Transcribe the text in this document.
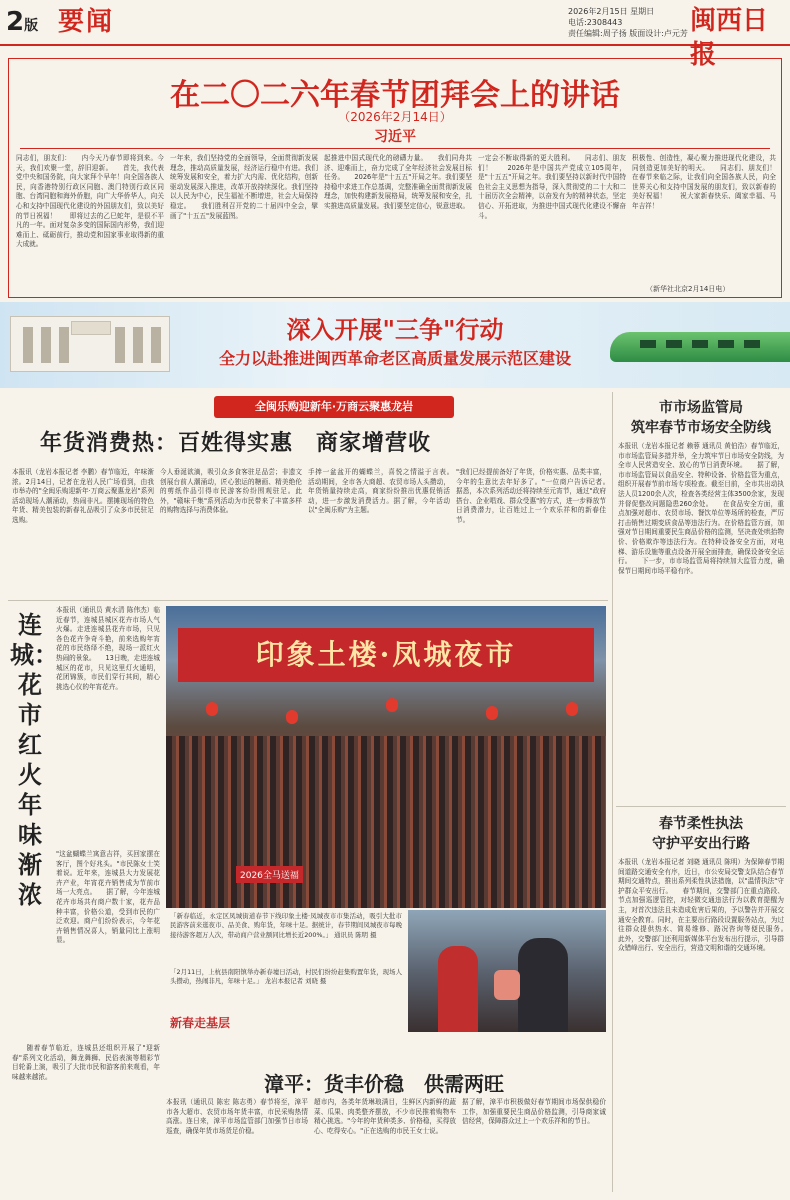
2版 要闻	2026年2月15日 星期日
电话:2308443
责任编辑:周子扬 版面设计:卢元芳 闽西日报
在二〇二六年春节团拜会上的讲话
（2026年2月14日）
习近平
同志们，朋友们：　　内今天乃春节即将到来。今天，我们欢聚一堂，辞旧迎新。　　首先，我代表党中央和国务院，向大家拜个早年！向全国各族人民，向香港特别行政区同胞、澳门特别行政区同胞、台湾同胞和海外侨胞，向广大华侨华人，向关心和支持中国现代化建设的外国朋友们，致以美好的节日祝福！　　即将过去的乙巳蛇年，是很不平凡的一年。面对复杂多变的国际国内形势，我们迎难而上、砥砺前行，推动党和国家事业取得新的重大成就。
一年来，我们坚持党的全面领导，全面贯彻新发展理念，推动高质量发展，经济运行稳中有进。我们统筹发展和安全，着力扩大内需、优化结构，创新驱动发展深入推进，改革开放持续深化。我们坚持以人民为中心，民生福祉不断增进，社会大局保持稳定。　　我们胜利召开党的二十届四中全会，擘画了"十五五"发展蓝图。
起推进中国式现代化的磅礴力量。　　我们同舟共济、迎难而上，奋力完成了全年经济社会发展目标任务。　　2026年是"十五五"开局之年。我们要坚持稳中求进工作总基调，完整准确全面贯彻新发展理念，加快构建新发展格局，统筹发展和安全，扎实推进高质量发展。我们要坚定信心，锐意进取。
一定会不断取得新的更大胜利。　　同志们、朋友们！　　2026年是中国共产党成立105周年，是"十五五"开局之年。我们要坚持以新时代中国特色社会主义思想为指导，深入贯彻党的二十大和二十届历次全会精神，以奋发有为的精神状态，坚定信心、开拓进取，为推进中国式现代化建设不懈奋斗。
积极性、创造性，凝心聚力推进现代化建设，共同创造更加美好的明天。　　同志们、朋友们！　　在春节来临之际，让我们向全国各族人民，向全世界关心和支持中国发展的朋友们，致以新春的美好祝福！　　祝大家新春快乐、阖家幸福、马年吉祥！
（新华社北京2月14日电）
深入开展"三争"行动
全力以赴推进闽西革命老区高质量发展示范区建设
全闽乐购迎新年·万商云聚惠龙岩
年货消费热：百姓得实惠　商家增营收
本报讯（龙岩本报记者 李鹏）春节临近，年味渐浓。2月14日，记者在龙岩人民广场看到，由我市举办的"全闽乐购迎新年·万商云聚惠龙岩"系列活动现场人潮涌动，热闹非凡。摆摊现场的特色年货、精美包装的新春礼品吸引了众多市民驻足选购。
今人垂涎欲滴，吸引众多食客驻足品尝；非遗文创展台前人潮涌动，匠心独运的糖画、精美绝伦的剪纸作品引得市民游客纷纷围观驻足。此外，"赣味千集"系列活动为市民带来了丰富多样的购物选择与消费体验。
手捧一盆盆开的蝴蝶兰，喜悦之情溢于言表。　　活动期间，全市各大商超、农贸市场人头攒动，年货销量持续走高，商家纷纷推出优惠促销活动，进一步激发消费活力。据了解，今年活动以"全闽乐购"为主题。
"我们已经提前备好了年货，价格实惠、品类丰富，今年的生意比去年好多了。"一位商户告诉记者。　　据悉，本次系列活动还将持续至元宵节，通过"政府搭台、企业唱戏、群众受惠"的方式，进一步释放节日消费潜力，让百姓过上一个欢乐祥和的新春佳节。
连城：花市红火　年味渐浓
本报讯（通讯员 黄水清 陈伟杰）临近春节，连城县城区花卉市场人气火爆。走进连城县花卉市场，只见各色花卉争奇斗艳，前来选购年宵花的市民络绎不绝，现场一派红火热闹的景象。　　13日晚，走进连城城区的花市，只见这里灯火通明，花团锦簇，市民们穿行其间，精心挑选心仪的年宵花卉。
"这盆蝴蝶兰寓意吉祥，买回家摆在客厅，图个好兆头。"市民陈女士笑着说。近年来，连城县大力发展花卉产业，年宵花卉销售成为节前市场一大亮点。　　据了解，今年连城花卉市场共有商户数十家，花卉品种丰富，价格公道，受到市民的广泛欢迎。商户们纷纷表示，今年花卉销售情况喜人，销量同比上涨明显。
　　随着春节临近，连城县还组织开展了"迎新春"系列文化活动，舞龙舞狮、民俗表演等精彩节目轮番上演，吸引了大批市民和游客前来观看，年味越来越浓。
印象土楼·凤城夜市
2026全马送福
「新春临近，永定区凤城街道春节下线印象土楼·凤城夜市市集活动，吸引大批市民游客前来逛夜市、品美食、购年货，年味十足。据统计，春节期间凤城夜市每晚接待游客超万人次，带动商户营业额同比增长近200%。」 通讯员 陈明 摄
「2月11日，上杭县南阳镇举办新春墟日活动，村民们纷纷赶集购置年货，现场人头攒动，热闹非凡，年味十足。」 龙岩本报记者 刘晓 摄
新春走基层
漳平：货丰价稳　供需两旺
本报讯（通讯员 陈宏 陈志勇）春节将至，漳平市各大超市、农贸市场年货丰富，市民采购热情高涨。连日来，漳平市场监管部门加强节日市场巡查，确保年货市场货足价稳。
超市内，各类年货琳琅满目，生鲜区内新鲜的蔬菜、瓜果、肉类整齐摆放，不少市民推着购物车精心挑选。"今年的年货种类多、价格稳，买得放心、吃得安心。"正在选购的市民王女士说。
据了解，漳平市积极做好春节期间市场保供稳价工作，加强重要民生商品价格监测，引导商家诚信经营，保障群众过上一个欢乐祥和的节日。
市市场监管局
筑牢春节市场安全防线
本报讯（龙岩本报记者 赖蓉 通讯员 黄伯浩）春节临近，市市场监管局多措并举，全力筑牢节日市场安全防线，为全市人民营造安全、放心的节日消费环境。　　据了解，市市场监管局以食品安全、特种设备、价格监管为重点，组织开展春节前市场专项检查。截至目前，全市共出动执法人员1200余人次，检查各类经营主体3500余家，发现并督促整改问题隐患260余处。　　在食品安全方面，重点加强对超市、农贸市场、餐饮单位等场所的检查，严厉打击销售过期变质食品等违法行为。在价格监管方面，加强对节日期间重要民生商品价格的监测，坚决查处哄抬物价、价格欺诈等违法行为。在特种设备安全方面，对电梯、游乐设施等重点设备开展全面排查，确保设备安全运行。　　下一步，市市场监管局将持续加大监管力度，确保节日期间市场平稳有序。
春节柔性执法
守护平安出行路
本报讯（龙岩本报记者 刘晓 通讯员 陈明）为保障春节期间道路交通安全有序，近日，市公安局交警支队结合春节期间交通特点，推出系列柔性执法措施，以"温情执法"守护群众平安出行。　　春节期间，交警部门在重点路段、节点加强巡逻管控，对轻微交通违法行为以教育提醒为主，对首次违法且未造成危害后果的，予以警告并开展交通安全教育。同时，在主要出行路段设置服务站点，为过往群众提供热水、简易维修、路况咨询等便民服务。　　此外，交警部门还利用新媒体平台发布出行提示，引导群众错峰出行、安全出行，营造文明和谐的交通环境。
